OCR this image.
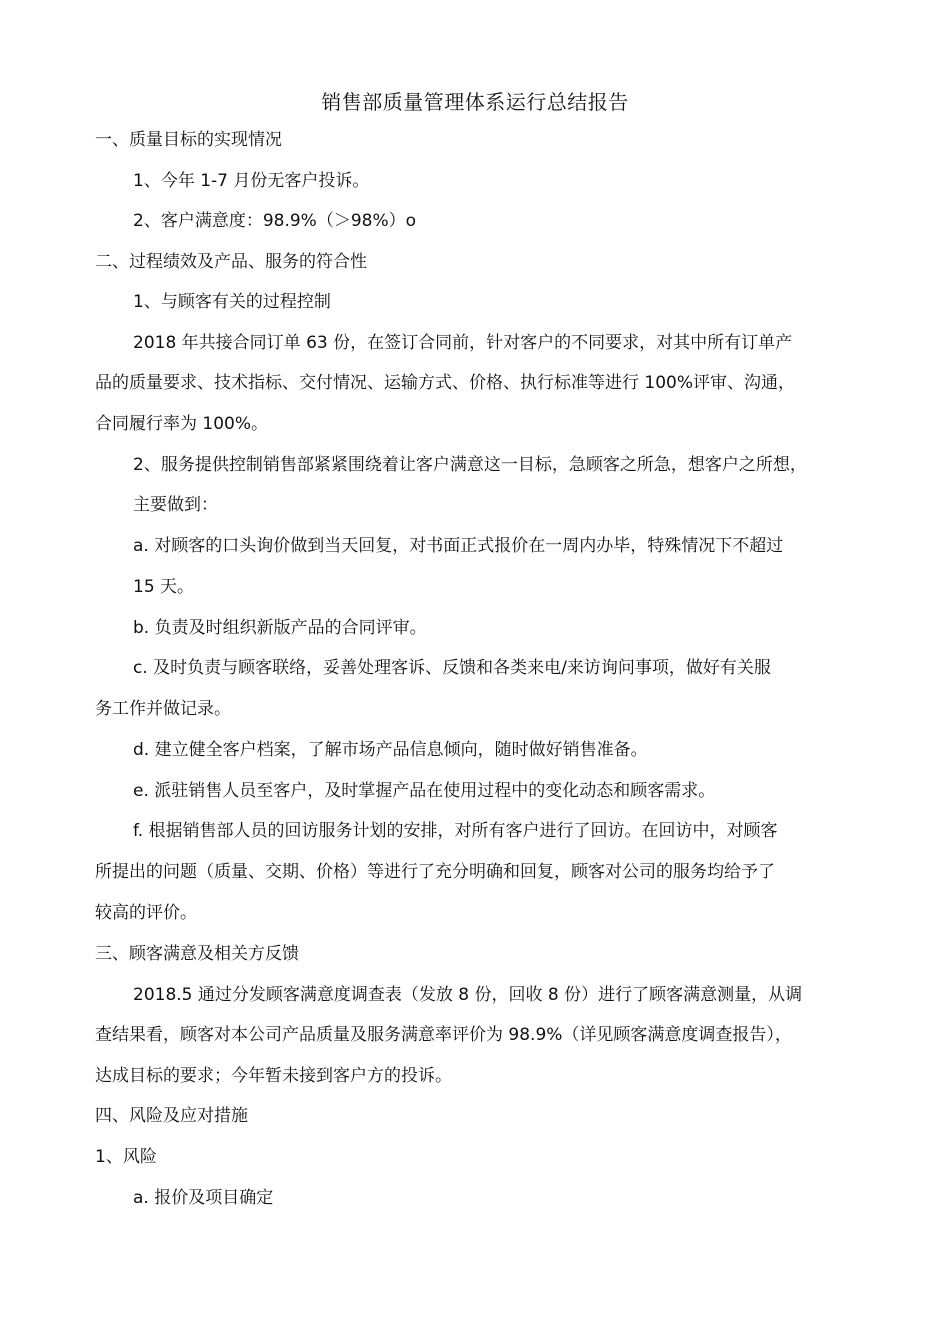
销售部质量管理体系运行总结报告
一、质量目标的实现情况
1、今年 1-7 月份无客户投诉。
2、客户满意度：98.9%（＞98%）o
二、过程绩效及产品、服务的符合性
1、与顾客有关的过程控制
2018 年共接合同订单 63 份，在签订合同前，针对客户的不同要求，对其中所有订单产
品的质量要求、技术指标、交付情况、运输方式、价格、执行标准等进行 100%评审、沟通，
合同履行率为 100%。
2、服务提供控制销售部紧紧围绕着让客户满意这一目标，急顾客之所急，想客户之所想，
主要做到：
a. 对顾客的口头询价做到当天回复，对书面正式报价在一周内办毕，特殊情况下不超过
15 天。
b. 负责及时组织新版产品的合同评审。
c. 及时负责与顾客联络，妥善处理客诉、反馈和各类来电/来访询问事项，做好有关服
务工作并做记录。
d. 建立健全客户档案，了解市场产品信息倾向，随时做好销售准备。
e. 派驻销售人员至客户，及时掌握产品在使用过程中的变化动态和顾客需求。
f. 根据销售部人员的回访服务计划的安排，对所有客户进行了回访。在回访中，对顾客
所提出的问题（质量、交期、价格）等进行了充分明确和回复，顾客对公司的服务均给予了
较高的评价。
三、顾客满意及相关方反馈
2018.5 通过分发顾客满意度调查表（发放 8 份，回收 8 份）进行了顾客满意测量，从调
查结果看，顾客对本公司产品质量及服务满意率评价为 98.9%（详见顾客满意度调查报告），
达成目标的要求；今年暂未接到客户方的投诉。
四、风险及应对措施
1、风险
a. 报价及项目确定
